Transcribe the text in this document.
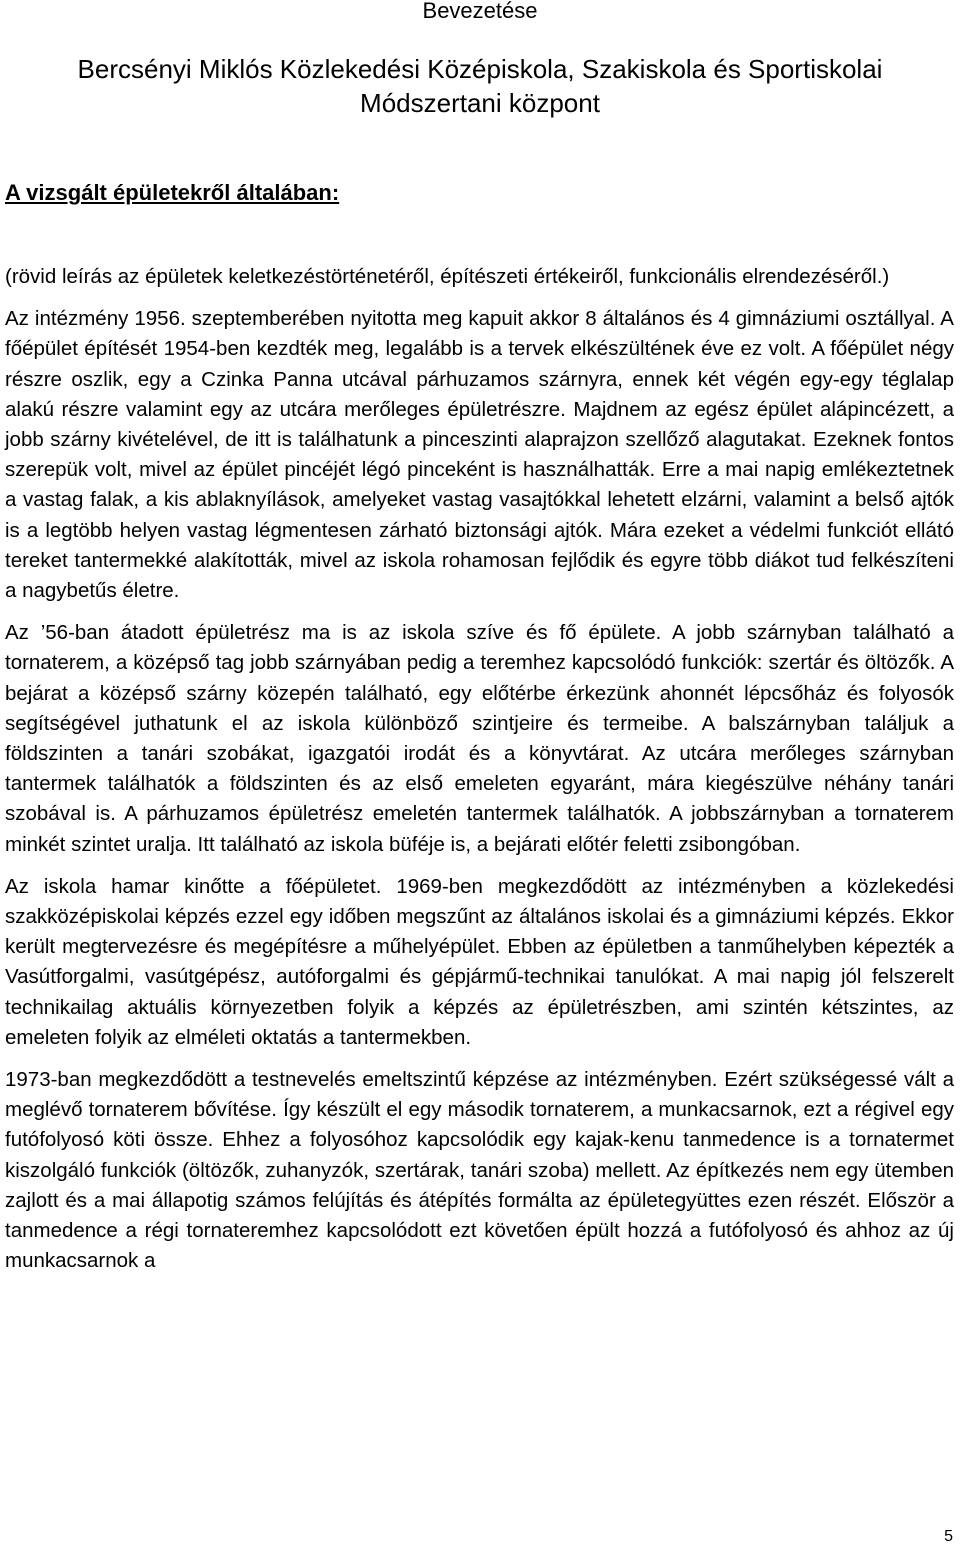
Bevezetése
Bercsényi Miklós Közlekedési Középiskola, Szakiskola és Sportiskolai
Módszertani központ
A vizsgált épületekről általában:

(rövid leírás az épületek keletkezéstörténetéről, építészeti értékeiről, funkcionális elrendezéséről.)

Az intézmény 1956. szeptemberében nyitotta meg kapuit akkor 8 általános és 4 gimnáziumi osztállyal. A főépület építését 1954-ben kezdték meg, legalább is a tervek elkészültének éve ez volt. A főépület négy részre oszlik, egy a Czinka Panna utcával párhuzamos szárnyra, ennek két végén egy-egy téglalap alakú részre valamint egy az utcára merőleges épületrészre. Majdnem az egész épület alápincézett, a jobb szárny kivételével, de itt is találhatunk a pinceszinti alaprajzon szellőző alagutakat. Ezeknek fontos szerepük volt, mivel az épület pincéjét légó pinceként is használhatták. Erre a mai napig emlékeztetnek a vastag falak, a kis ablaknyílások, amelyeket vastag vasajtókkal lehetett elzárni, valamint a belső ajtók is a legtöbb helyen vastag légmentesen zárható biztonsági ajtók. Mára ezeket a védelmi funkciót ellátó tereket tantermekké alakították, mivel az iskola rohamosan fejlődik és egyre több diákot tud felkészíteni a nagybetűs életre.

Az ’56-ban átadott épületrész ma is az iskola szíve és fő épülete. A jobb szárnyban található a tornaterem, a középső tag jobb szárnyában pedig a teremhez kapcsolódó funkciók: szertár és öltözők. A bejárat a középső szárny közepén található, egy előtérbe érkezünk ahonnét lépcsőház és folyosók segítségével juthatunk el az iskola különböző szintjeire és termeibe. A balszárnyban találjuk a földszinten a tanári szobákat, igazgatói irodát és a könyvtárat. Az utcára merőleges szárnyban tantermek találhatók a földszinten és az első emeleten egyaránt, mára kiegészülve néhány tanári szobával is. A párhuzamos épületrész emeletén tantermek találhatók. A jobbszárnyban a tornaterem minkét szintet uralja. Itt található az iskola büféje is, a bejárati előtér feletti zsibongóban.

Az iskola hamar kinőtte a főépületet. 1969-ben megkezdődött az intézményben a közlekedési szakközépiskolai képzés ezzel egy időben megszűnt az általános iskolai és a gimnáziumi képzés. Ekkor került megtervezésre és megépítésre a műhelyépület. Ebben az épületben a tanműhelyben képezték a Vasútforgalmi, vasútgépész, autóforgalmi és gépjármű-technikai tanulókat. A mai napig jól felszerelt technikailag aktuális környezetben folyik a képzés az épületrészben, ami szintén kétszintes, az emeleten folyik az elméleti oktatás a tantermekben.

1973-ban megkezdődött a testnevelés emeltszintű képzése az intézményben. Ezért szükségessé vált a meglévő tornaterem bővítése. Így készült el egy második tornaterem, a munkacsarnok, ezt a régivel egy futófolyosó köti össze. Ehhez a folyosóhoz kapcsolódik egy kajak-kenu tanmedence is a tornatermet kiszolgáló funkciók (öltözők, zuhanyzók, szertárak, tanári szoba) mellett. Az építkezés nem egy ütemben zajlott és a mai állapotig számos felújítás és átépítés formálta az épületegyüttes ezen részét. Először a tanmedence a régi tornateremhez kapcsolódott ezt követően épült hozzá a futófolyosó és ahhoz az új munkacsarnok a

5
